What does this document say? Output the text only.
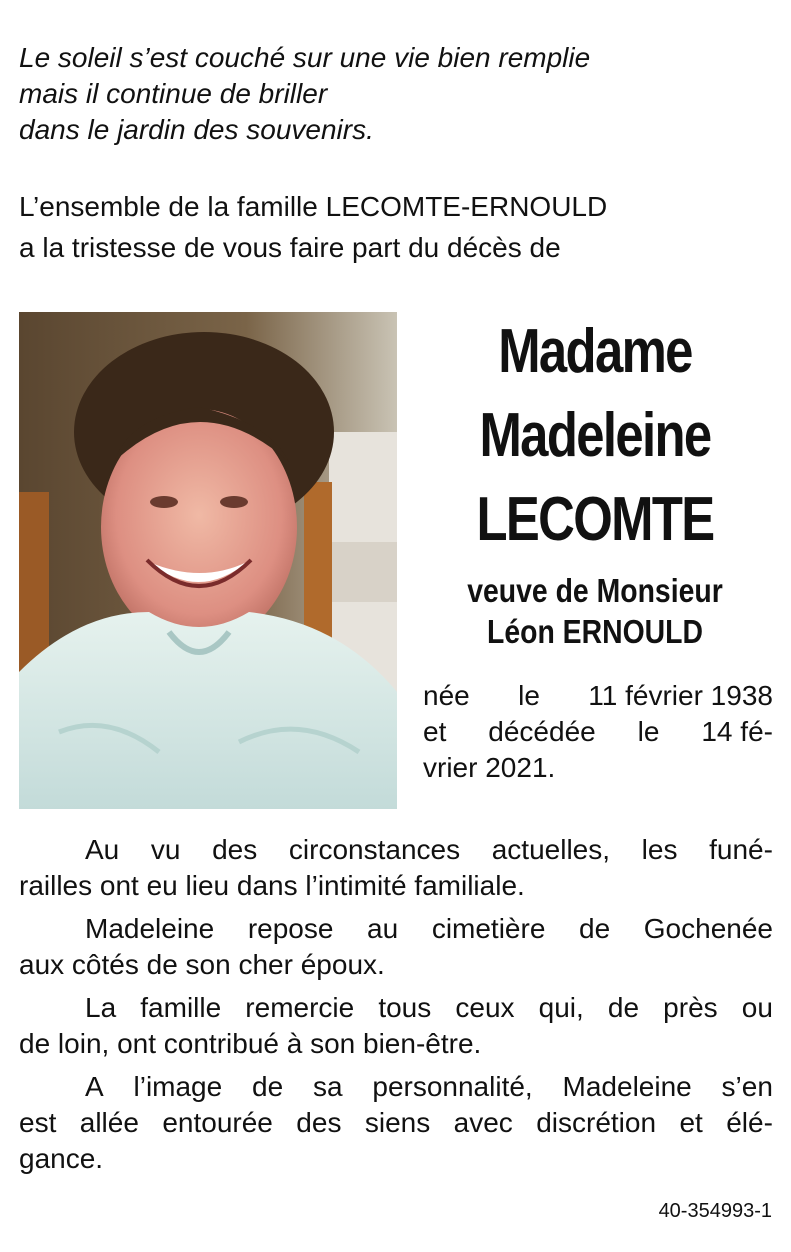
Le soleil s’est couché sur une vie bien remplie
mais il continue de briller
dans le jardin des souvenirs.
L’ensemble de la famille LECOMTE-ERNOULD
a la tristesse de vous faire part du décès de
Madame
Madeleine
LECOMTE
veuve de Monsieur
Léon ERNOULD
née le 11 février 1938
et décédée le 14 fé-
vrier 2021.
Au vu des circonstances actuelles, les funé-
railles ont eu lieu dans l’intimité familiale.
Madeleine repose au cimetière de Gochenée
aux côtés de son cher époux.
La famille remercie tous ceux qui, de près ou
de loin, ont contribué à son bien-être.
A l’image de sa personnalité, Madeleine s’en
est allée entourée des siens avec discrétion et élé-
gance.
40-354993-1
